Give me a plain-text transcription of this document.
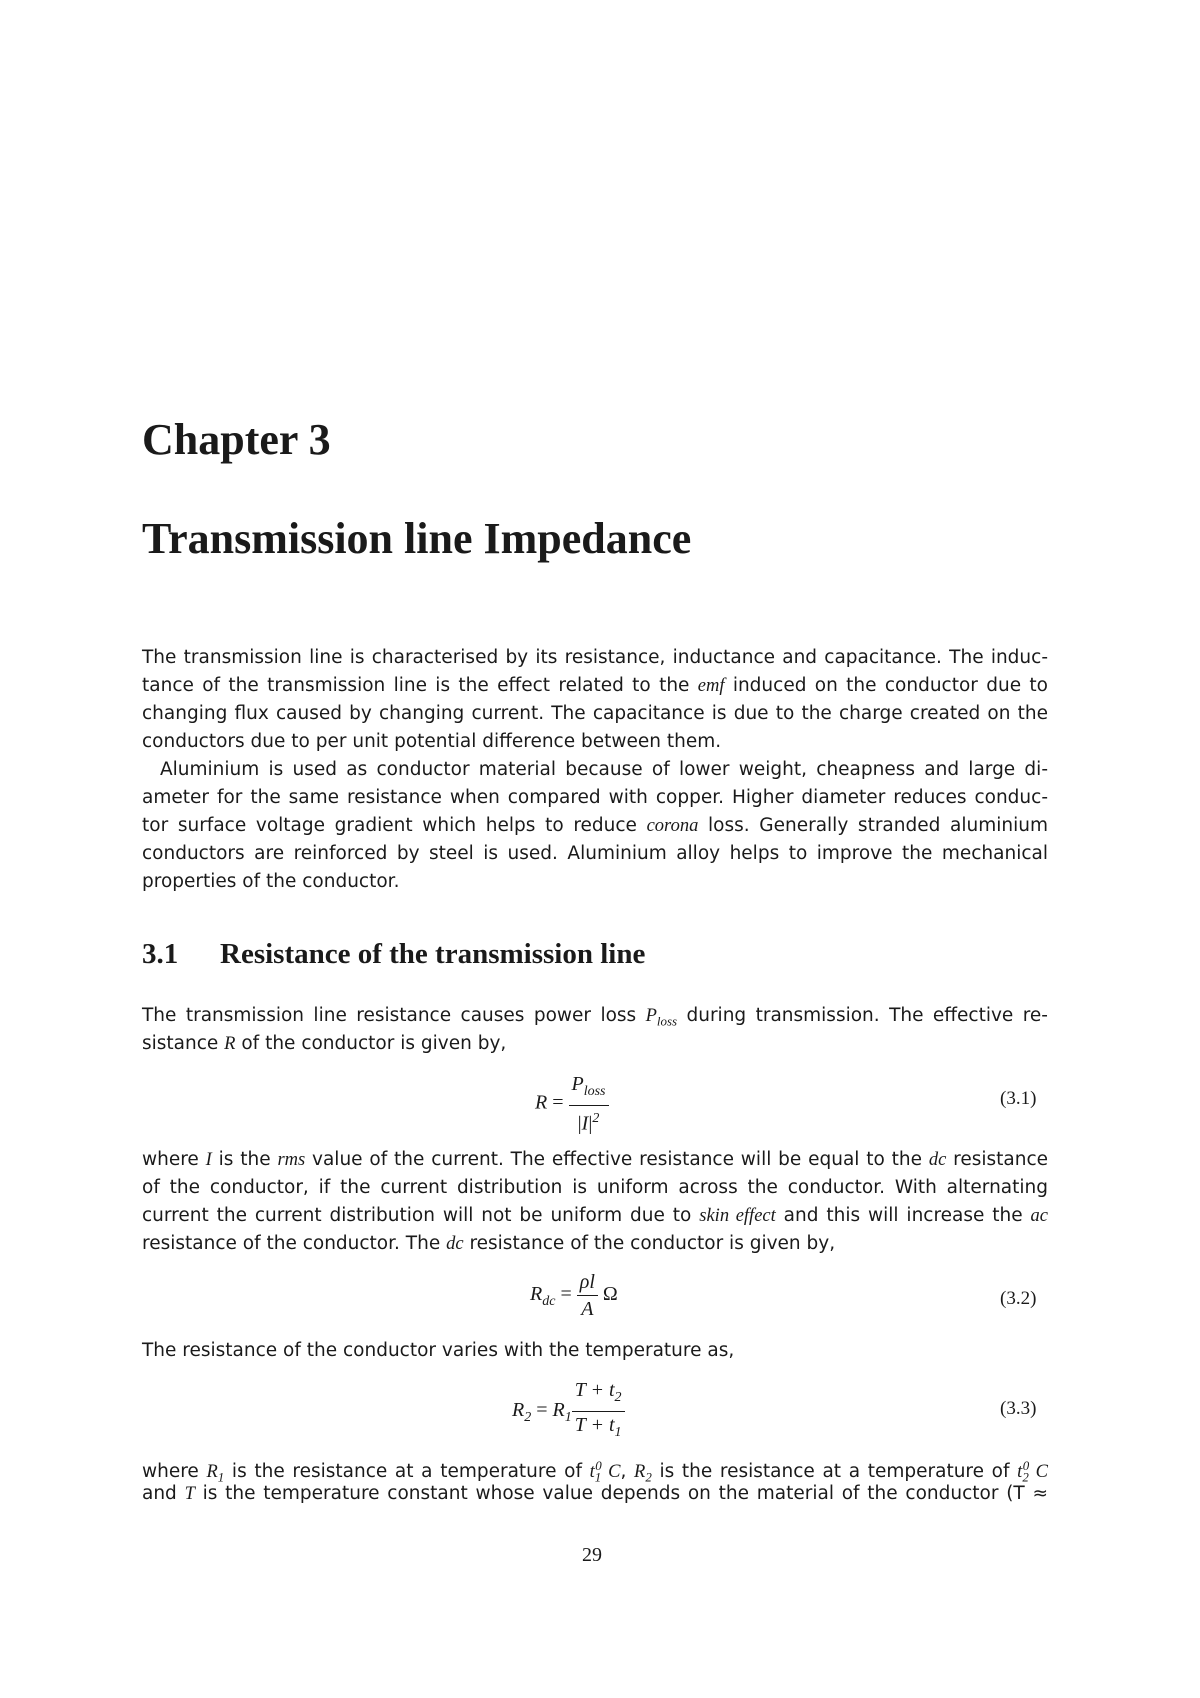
Chapter 3
Transmission line Impedance
The transmission line is characterised by its resistance, inductance and capacitance. The induc-
tance of the transmission line is the effect related to the emf induced on the conductor due to
changing flux caused by changing current. The capacitance is due to the charge created on the
conductors due to per unit potential difference between them.
Aluminium is used as conductor material because of lower weight, cheapness and large di-
ameter for the same resistance when compared with copper. Higher diameter reduces conduc-
tor surface voltage gradient which helps to reduce corona loss. Generally stranded aluminium
conductors are reinforced by steel is used. Aluminium alloy helps to improve the mechanical
properties of the conductor.
3.1 Resistance of the transmission line
The transmission line resistance causes power loss $P_{loss}$ during transmission. The effective re-
sistance R of the conductor is given by,
$R = \frac{P_{loss}}{|I|^2}$	(3.1)
where I is the rms value of the current. The effective resistance will be equal to the dc resistance
of the conductor, if the current distribution is uniform across the conductor. With alternating
current the current distribution will not be uniform due to skin effect and this will increase the ac
resistance of the conductor. The dc resistance of the conductor is given by,
$R_{dc} = \frac{\rho l}{A}$ Ω	(3.2)
The resistance of the conductor varies with the temperature as,
$R_2 = R_1 \frac{T + t_2}{T + t_1}$	(3.3)
where $R_1$ is the resistance at a temperature of $t_1^0$ C, $R_2$ is the resistance at a temperature of $t_2^0$ C
and T is the temperature constant whose value depends on the material of the conductor (T ≈
29
